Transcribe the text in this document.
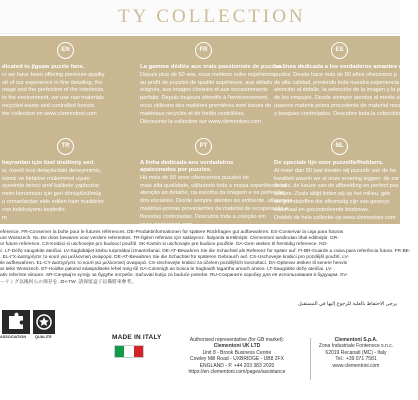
TY COLLECTION
EN
dicated to jigsaw puzzle fans.

rs we have been offering premium-quality

ult of our experience in fine detailing, the

mage and the perfection of the interlocks.

to the environment, we use raw materials

recycled waste and controlled forests.

tter collection on www.clementoni.com
FR
La gamme dédiée aux vrais passionnés de puzzles.

Depuis plus de 50 ans, nous mettons notre expérience

au profit de puzzles de qualité supérieure, aux détails

soignés, aux images choisies et aux encastrements

parfaits. Depuis toujours attentifs à l'environnement,

nous utilisons des matières premières sont issues de

matériaux recyclés et de forêts contrôlées.

Découvrez la collection sur www.clementoni.com
ES
La línea dedicada a los verdaderos amantes d

puzles. Desde hace más de 50 años ofrecemos p

de alta calidad, poniendo toda nuestra experiencia

atención al detalle, la selección de la imagen y la perfe

de los empujes. Desde siempre atentos al medio ambi

usamos materia prima procedente de material recuperad

y bosques controlados. Descubre toda la colección en ww

TR
hayranları için özel üretilmiş seri.

si, özenli ince detaylardaki deneyimimiz,

mimiz ve birbirine mükemmel uyum

ayesinde birinci sınıf kalitede yapbozlar

renin korunması için geri dönüştürülmüş

u ormanlardan elde edilen ham maddeler

ının koleksiyonu keşfedin:

m
PT
A linha dedicada aos verdadeiros apaixonados por puzzles.

Há mais de 50 anos oferecemos puzzles de

mais alta qualidade, utilizando toda a nossa experiência na

atenção ao detalhe, na escolha da imagem e na perfeição

dos encaixes. Desde sempre atentos ao ambiente, utilizamos

matérias-primas provenientes de material de recuperação e

florestas controladas. Descubra toda a coleção em

www.clementoni.com
NL
De speciale lijn voor puzzelliefhebbers.

Al meer dan 50 jaar bieden wij puzzels van de ho

kwaliteit waarin we al onze ervaring leggen: de zor

details, de keuze van de afbeelding en perfect pas

stukjes. Zoals altijd letten wij op het milieu, geb

we grondstoffen die afkomstig zijn van gerecyc

materiaal en gecontroleerde bosbouw.

Ontdek de hele collectie op www.clementoni.com

eference. FR-Conserver la boîte pour le futures références. DE-Produktinformationen für spätere Rückfragen gut aufbewahren. ES-Conservar la caja para futuras

ure Wosszech. NL-De doos bewaren voor verdere referenties. TR-İlgileri referans için saklayınız. İtalyanla üretilmiştir. Clementoni tarafından ithal edilmiştir. GR-

or future reference. CS-Krabici si uschovejte pro budoucí použití. SK-Kartón si uschovajte pre budúce použitie. DA-Gem æsken til fremtidig reference. NO-

c. LT-Dėžę saugokite ateičiai. LV-Saglabājiet kārbu turpmākai izmantošanai. DE-AT-Bewahren Sie die Schachtel als Referenz für später auf. FI-BR-Guarde a caixa para referência futura. FR-BE-

. EL-ΓΧ-Διατηρήστε το κουτί για μελλοντική αναφορά. DE-AT-Bewahren Sie die Schachtel für späteren Gebrauch auf. CS-Uschovejte krabici pro pozdější použití. LV-

ile aufbewahren. EL-CY-Διατηρήστε το κουτί για μελλοντική αναφορά. CS-Uschovejte krabici za účelem pozdějších konzultací. DA-Opbevar æsken til senere henvis

ar leiks Wosszech. ET-Hoidke pakend edaspidiseks lehel még tűl GA-Coimnigh an bosca le haghaidh tagartha amach anseo. LT-Saugokite dėžę ateičiai. LV-

ativ referinte viitoare. SR-Сачувајте кутију за будуће потребе. Sačuvati kutiju za buduće potrebe. RU-Сохраните коробку для её использования в будущем. SV-

ーリング以後何らの保存を. ZH-TW- 請保留盒子以備將來參考。

يرجى الاحتفاظ بالعلبة للرجوع إليها في المستقبل
ASSOCIATION QUALITÉ	MADE IN ITALY	Authorised representative (for GB market):

Clementoni UK LTD

Unit 8 - Brook Business Centre

Cowley Mill Road - UXBRIDGE - UB8 2FX

ENGLAND - P. +44 203 383 2020

https://en.clementoni.com/pages/assistance

Clementoni S.p.A.

Zona Industriale Fontenoce s.n.c.

62019 Recanati (MC) - Italy

Tel.: +39 071 7581

www.clementoni.com
